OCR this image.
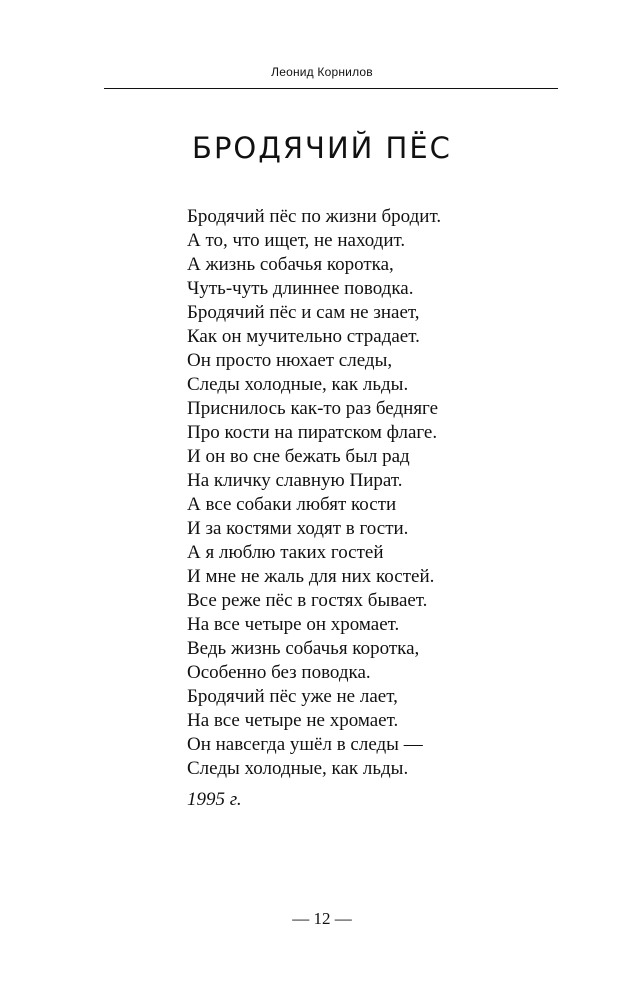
Леонид Корнилов
БРОДЯЧИЙ ПЁС
Бродячий пёс по жизни бродит.
А то, что ищет, не находит.
А жизнь собачья коротка,
Чуть-чуть длиннее поводка.
Бродячий пёс и сам не знает,
Как он мучительно страдает.
Он просто нюхает следы,
Следы холодные, как льды.
Приснилось как-то раз бедняге
Про кости на пиратском флаге.
И он во сне бежать был рад
На кличку славную Пират.
А все собаки любят кости
И за костями ходят в гости.
А я люблю таких гостей
И мне не жаль для них костей.
Все реже пёс в гостях бывает.
На все четыре он хромает.
Ведь жизнь собачья коротка,
Особенно без поводка.
Бродячий пёс уже не лает,
На все четыре не хромает.
Он навсегда ушёл в следы —
Следы холодные, как льды.
1995 г.
— 12 —
